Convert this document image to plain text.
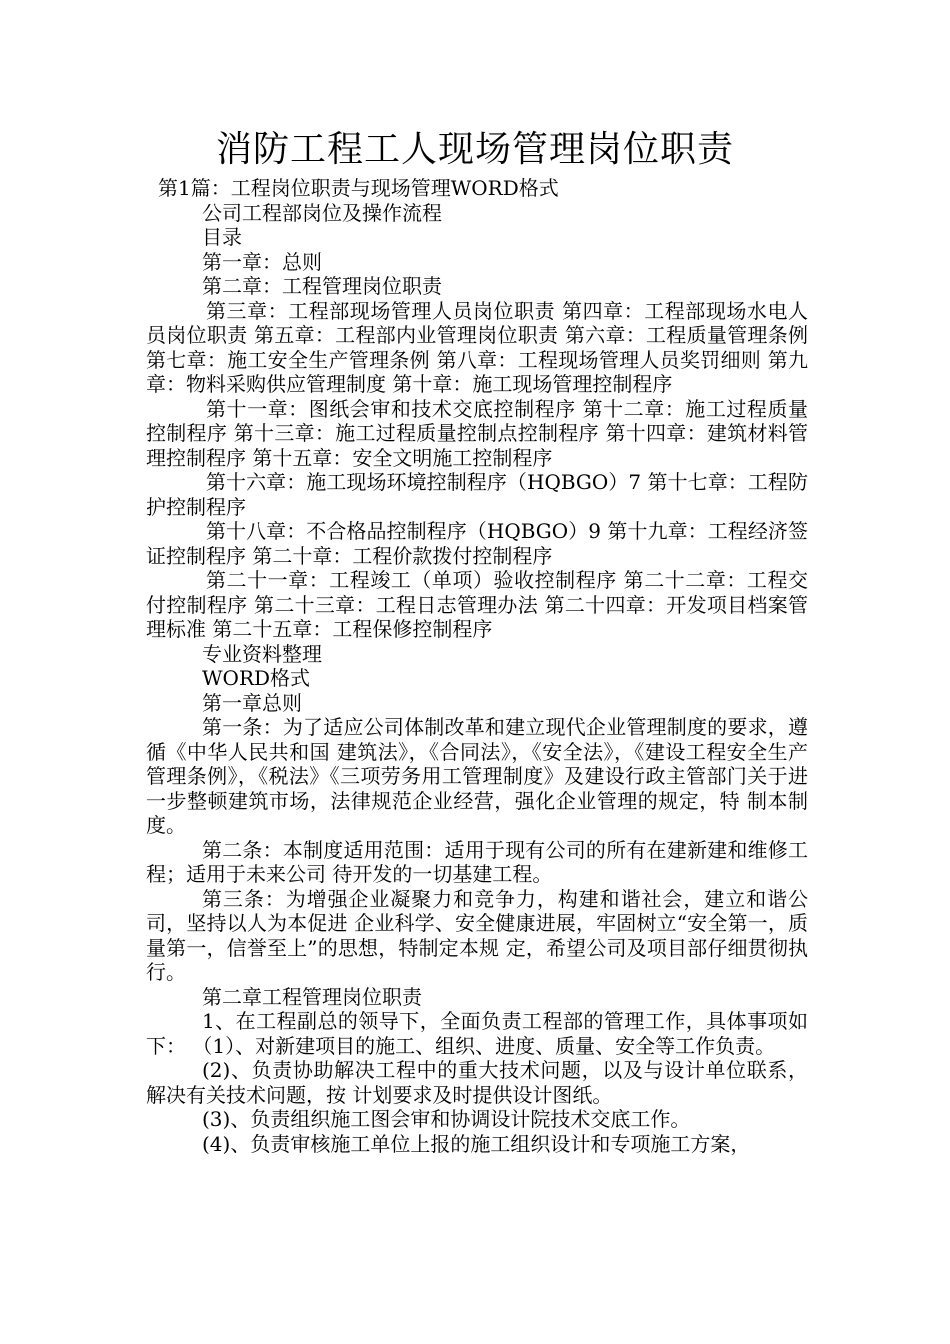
消防工程工人现场管理岗位职责

第1篇：工程岗位职责与现场管理WORD格式

公司工程部岗位及操作流程

目录

第一章：总则

第二章：工程管理岗位职责

第三章：工程部现场管理人员岗位职责 第四章：工程部现场水电人员岗位职责 第五章：工程部内业管理岗位职责 第六章：工程质量管理条例 第七章：施工安全生产管理条例 第八章：工程现场管理人员奖罚细则 第九章：物料采购供应管理制度 第十章：施工现场管理控制程序

第十一章：图纸会审和技术交底控制程序 第十二章：施工过程质量控制程序 第十三章：施工过程质量控制点控制程序 第十四章：建筑材料管理控制程序 第十五章：安全文明施工控制程序

第十六章：施工现场环境控制程序（HQBGO）7 第十七章：工程防护控制程序

第十八章：不合格品控制程序（HQBGO）9 第十九章：工程经济签证控制程序 第二十章：工程价款拨付控制程序

第二十一章：工程竣工（单项）验收控制程序 第二十二章：工程交付控制程序 第二十三章：工程日志管理办法 第二十四章：开发项目档案管理标准 第二十五章：工程保修控制程序

专业资料整理

WORD格式

第一章总则

第一条：为了适应公司体制改革和建立现代企业管理制度的要求，遵循《中华人民共和国 建筑法》，《合同法》，《安全法》，《建设工程安全生产管理条例》，《税法》《三项劳务用工管理制度》及建设行政主管部门关于进一步整顿建筑市场，法律规范企业经营，强化企业管理的规定，特 制本制度。

第二条：本制度适用范围：适用于现有公司的所有在建新建和维修工程；适用于未来公司 待开发的一切基建工程。

第三条：为增强企业凝聚力和竞争力，构建和谐社会，建立和谐公司，坚持以人为本促进 企业科学、安全健康进展，牢固树立“安全第一，质量第一，信誉至上”的思想，特制定本规 定，希望公司及项目部仔细贯彻执行。

第二章工程管理岗位职责

1、在工程副总的领导下，全面负责工程部的管理工作，具体事项如下： （1）、对新建项目的施工、组织、进度、质量、安全等工作负责。

(2)、负责协助解决工程中的重大技术问题，以及与设计单位联系，解决有关技术问题，按 计划要求及时提供设计图纸。

(3)、负责组织施工图会审和协调设计院技术交底工作。

(4)、负责审核施工单位上报的施工组织设计和专项施工方案，
